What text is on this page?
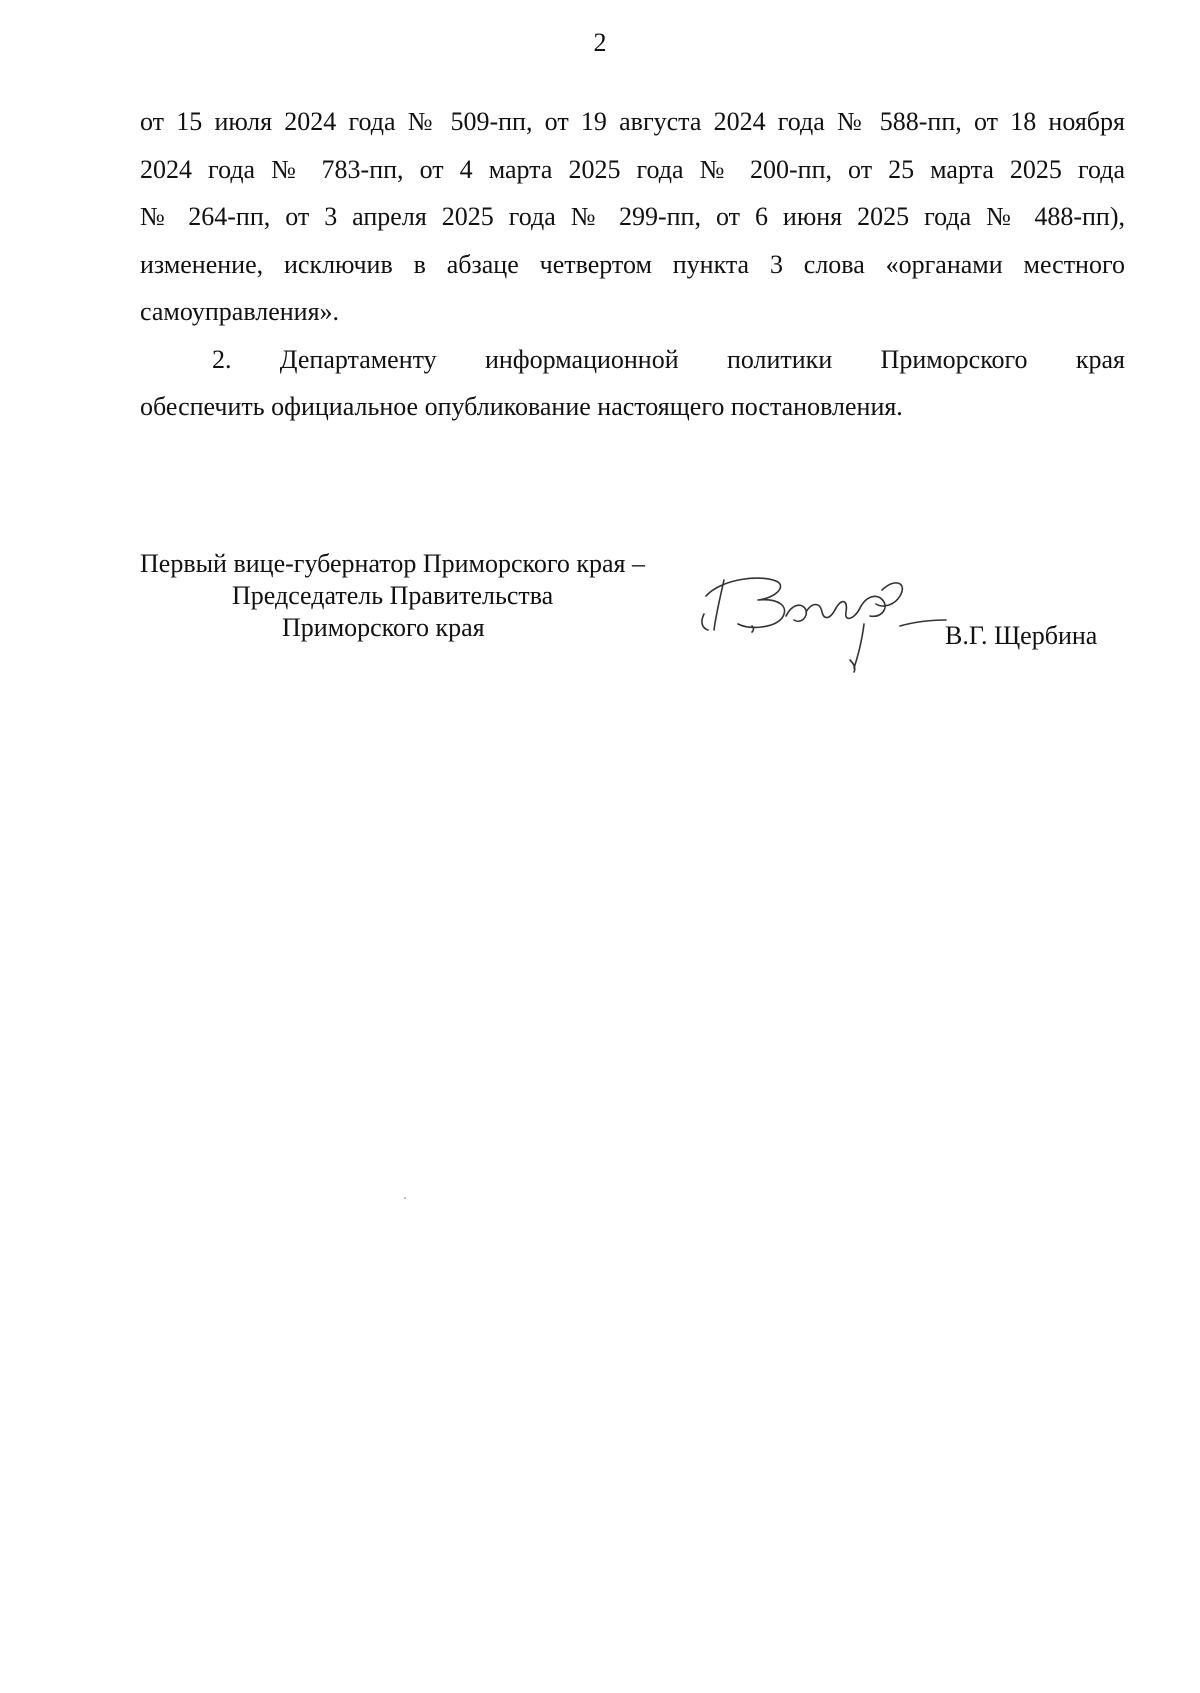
2

от 15 июля 2024 года № 509-пп, от 19 августа 2024 года № 588-пп, от 18 ноября

2024 года № 783-пп, от 4 марта 2025 года № 200-пп, от 25 марта 2025 года

№ 264-пп, от 3 апреля 2025 года № 299-пп, от 6 июня 2025 года № 488-пп),

изменение, исключив в абзаце четвертом пункта 3 слова «органами местного

самоуправления».

2. Департаменту информационной политики Приморского края

обеспечить официальное опубликование настоящего постановления.

Первый вице-губернатор Приморского края –
Председатель Правительства
Приморского края	В.Г. Щербина
